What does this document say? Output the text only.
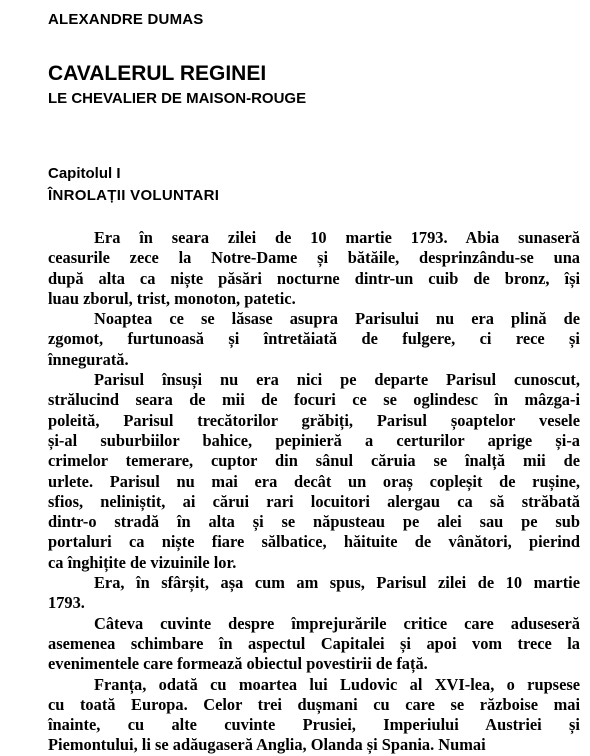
ALEXANDRE DUMAS
CAVALERUL REGINEI
LE CHEVALIER DE MAISON-ROUGE
Capitolul I
ÎNROLAȚII VOLUNTARI

Era în seara zilei de 10 martie 1793. Abia sunaseră
ceasurile zece la Notre-Dame și bătăile, desprinzându-se una
după alta ca niște păsări nocturne dintr-un cuib de bronz, își
luau zborul, trist, monoton, patetic.

Noaptea ce se lăsase asupra Parisului nu era plină de
zgomot, furtunoasă și întretăiată de fulgere, ci rece și
înnegurată.

Parisul însuși nu era nici pe departe Parisul cunoscut,
strălucind seara de mii de focuri ce se oglindesc în mâzga-i
poleită, Parisul trecătorilor grăbiți, Parisul șoaptelor vesele
și-al suburbiilor bahice, pepinieră a certurilor aprige și-a
crimelor temerare, cuptor din sânul căruia se înalță mii de
urlete. Parisul nu mai era decât un oraș copleșit de rușine,
sfios, neliniștit, ai cărui rari locuitori alergau ca să străbată
dintr-o stradă în alta și se năpusteau pe alei sau pe sub
portaluri ca niște fiare sălbatice, hăituite de vânători, pierind
ca înghițite de vizuinile lor.

Era, în sfârșit, așa cum am spus, Parisul zilei de 10 martie
1793.

Câteva cuvinte despre împrejurările critice care aduseseră
asemenea schimbare în aspectul Capitalei și apoi vom trece la
evenimentele care formează obiectul povestirii de față.

Franța, odată cu moartea lui Ludovic al XVI-lea, o rupsese
cu toată Europa. Celor trei dușmani cu care se războise mai
înainte, cu alte cuvinte Prusiei, Imperiului Austriei și
Piemontului, li se adăugaseră Anglia, Olanda și Spania. Numai
